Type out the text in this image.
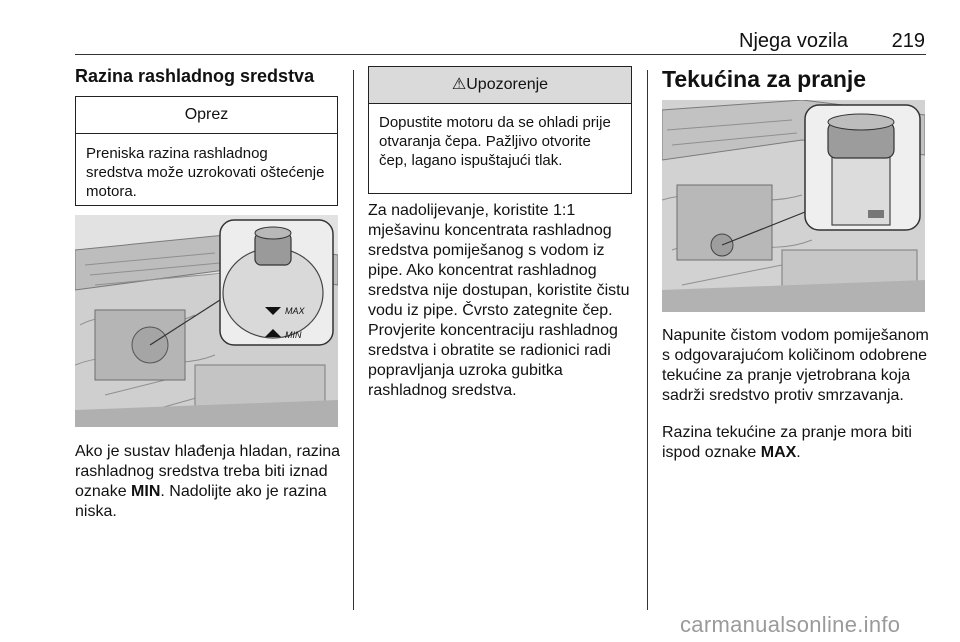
Njega vozila	219
Razina rashladnog sredstva
Oprez
Preniska razina rashladnog sredstva može uzrokovati oštećenje motora.
MAX
MIN
Ako je sustav hlađenja hladan, razina rashladnog sredstva treba biti iznad oznake MIN. Nadolijte ako je razina niska.
⚠Upozorenje
Dopustite motoru da se ohladi prije otvaranja čepa. Pažljivo otvorite čep, lagano ispuštajući tlak.
Za nadolijevanje, koristite 1:1 mješavinu koncentrata rashladnog sredstva pomiješanog s vodom iz pipe. Ako koncentrat rashladnog sredstva nije dostupan, koristite čistu vodu iz pipe. Čvrsto zategnite čep. Provjerite koncentraciju rashladnog sredstva i obratite se radionici radi popravljanja uzroka gubitka rashladnog sredstva.
Tekućina za pranje
Napunite čistom vodom pomiješanom s odgovarajućom količinom odobrene tekućine za pranje vjetrobrana koja sadrži sredstvo protiv smrzavanja.
Razina tekućine za pranje mora biti ispod oznake MAX.
carmanualsonline.info
